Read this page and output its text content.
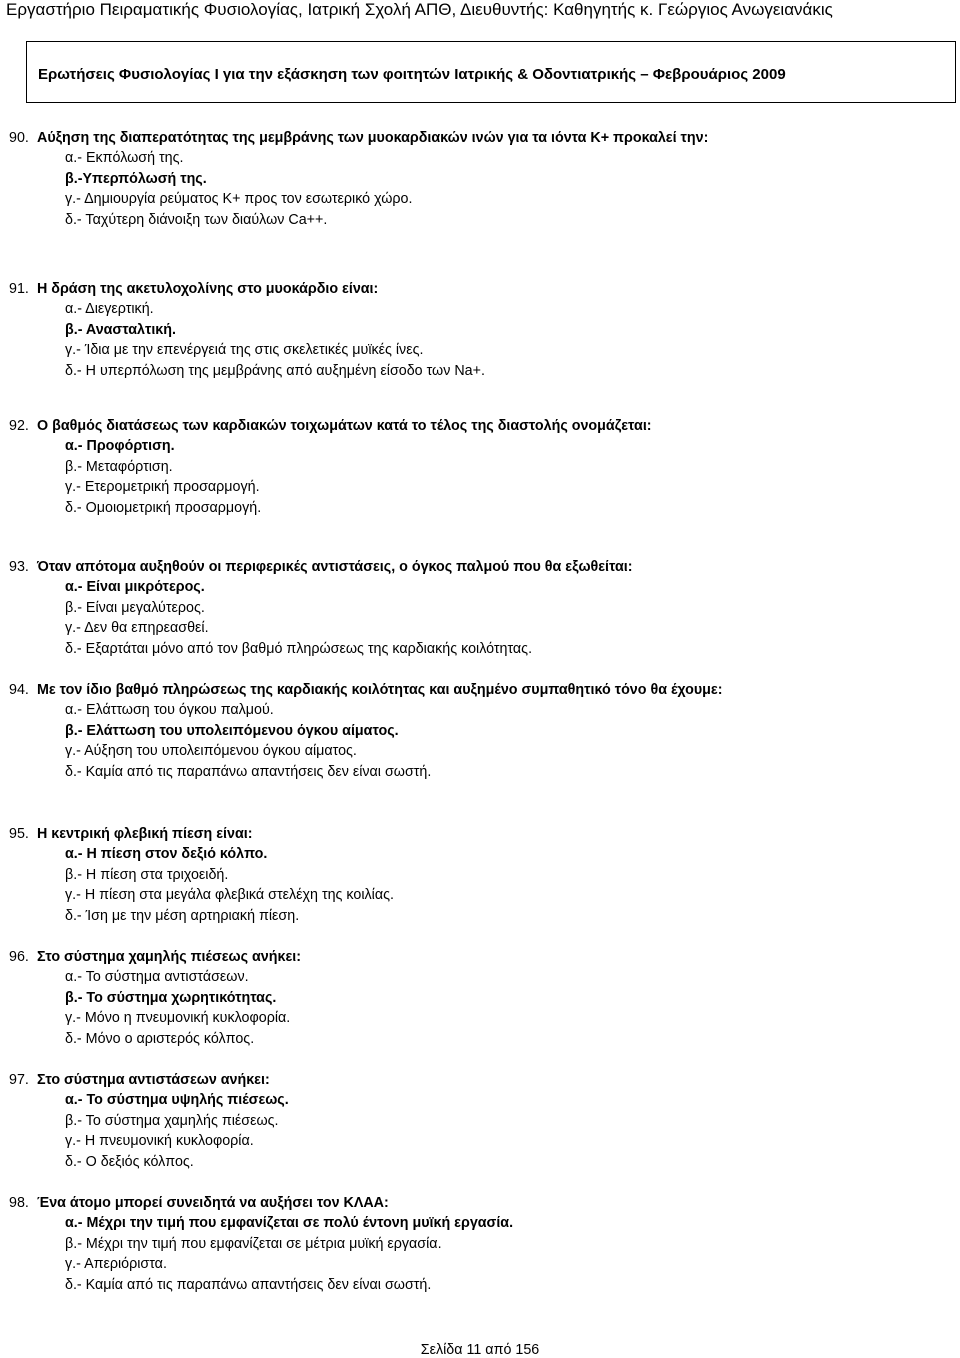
Εργαστήριο Πειραματικής Φυσιολογίας, Ιατρική Σχολή ΑΠΘ, Διευθυντής: Καθηγητής κ. Γεώργιος Ανωγειανάκις
Ερωτήσεις Φυσιολογίας Ι για την εξάσκηση των φοιτητών Ιατρικής & Οδοντιατρικής – Φεβρουάριος 2009
90. Αύξηση της διαπερατότητας της μεμβράνης των μυοκαρδιακών ινών για τα ιόντα Κ+ προκαλεί την:
α.- Εκπόλωσή της.
β.-Υπερπόλωσή της.
γ.- Δημιουργία ρεύματος Κ+ προς τον εσωτερικό χώρο.
δ.- Ταχύτερη διάνοιξη των διαύλων Ca++.
91. Η δράση της ακετυλοχολίνης στο μυοκάρδιο είναι:
α.- Διεγερτική.
β.- Ανασταλτική.
γ.- Ίδια με την επενέργειά της στις σκελετικές μυϊκές ίνες.
δ.- Η υπερπόλωση της μεμβράνης από αυξημένη είσοδο των Na+.
92. Ο βαθμός διατάσεως των καρδιακών τοιχωμάτων κατά το τέλος της διαστολής ονομάζεται:
α.- Προφόρτιση.
β.- Μεταφόρτιση.
γ.- Ετερομετρική προσαρμογή.
δ.- Ομοιομετρική προσαρμογή.
93. Όταν απότομα αυξηθούν οι περιφερικές αντιστάσεις, ο όγκος παλμού που θα εξωθείται:
α.- Είναι μικρότερος.
β.- Είναι μεγαλύτερος.
γ.- Δεν θα επηρεασθεί.
δ.- Εξαρτάται μόνο από τον βαθμό πληρώσεως της καρδιακής κοιλότητας.
94. Με τον ίδιο βαθμό πληρώσεως της καρδιακής κοιλότητας και αυξημένο συμπαθητικό τόνο θα έχουμε:
α.- Ελάττωση του όγκου παλμού.
β.- Ελάττωση του υπολειπόμενου όγκου αίματος.
γ.- Αύξηση του υπολειπόμενου όγκου αίματος.
δ.- Καμία από τις παραπάνω απαντήσεις δεν είναι σωστή.
95. Η κεντρική φλεβική πίεση είναι:
α.- Η πίεση στον δεξιό κόλπο.
β.- Η πίεση στα τριχοειδή.
γ.- Η πίεση στα μεγάλα φλεβικά στελέχη της κοιλίας.
δ.- Ίση με την μέση αρτηριακή πίεση.
96. Στο σύστημα χαμηλής πιέσεως ανήκει:
α.- Το σύστημα αντιστάσεων.
β.- Το σύστημα χωρητικότητας.
γ.- Μόνο η πνευμονική κυκλοφορία.
δ.- Μόνο ο αριστερός κόλπος.
97. Στο σύστημα αντιστάσεων ανήκει:
α.- Το σύστημα υψηλής πιέσεως.
β.- Το σύστημα χαμηλής πιέσεως.
γ.- Η πνευμονική κυκλοφορία.
δ.- Ο δεξιός κόλπος.
98. Ένα άτομο μπορεί συνειδητά να αυξήσει τον ΚΛΑΑ:
α.- Μέχρι την τιμή που εμφανίζεται σε πολύ έντονη μυϊκή εργασία.
β.- Μέχρι την τιμή που εμφανίζεται σε μέτρια μυϊκή εργασία.
γ.- Απεριόριστα.
δ.- Καμία από τις παραπάνω απαντήσεις δεν είναι σωστή.
Σελίδα 11 από 156
